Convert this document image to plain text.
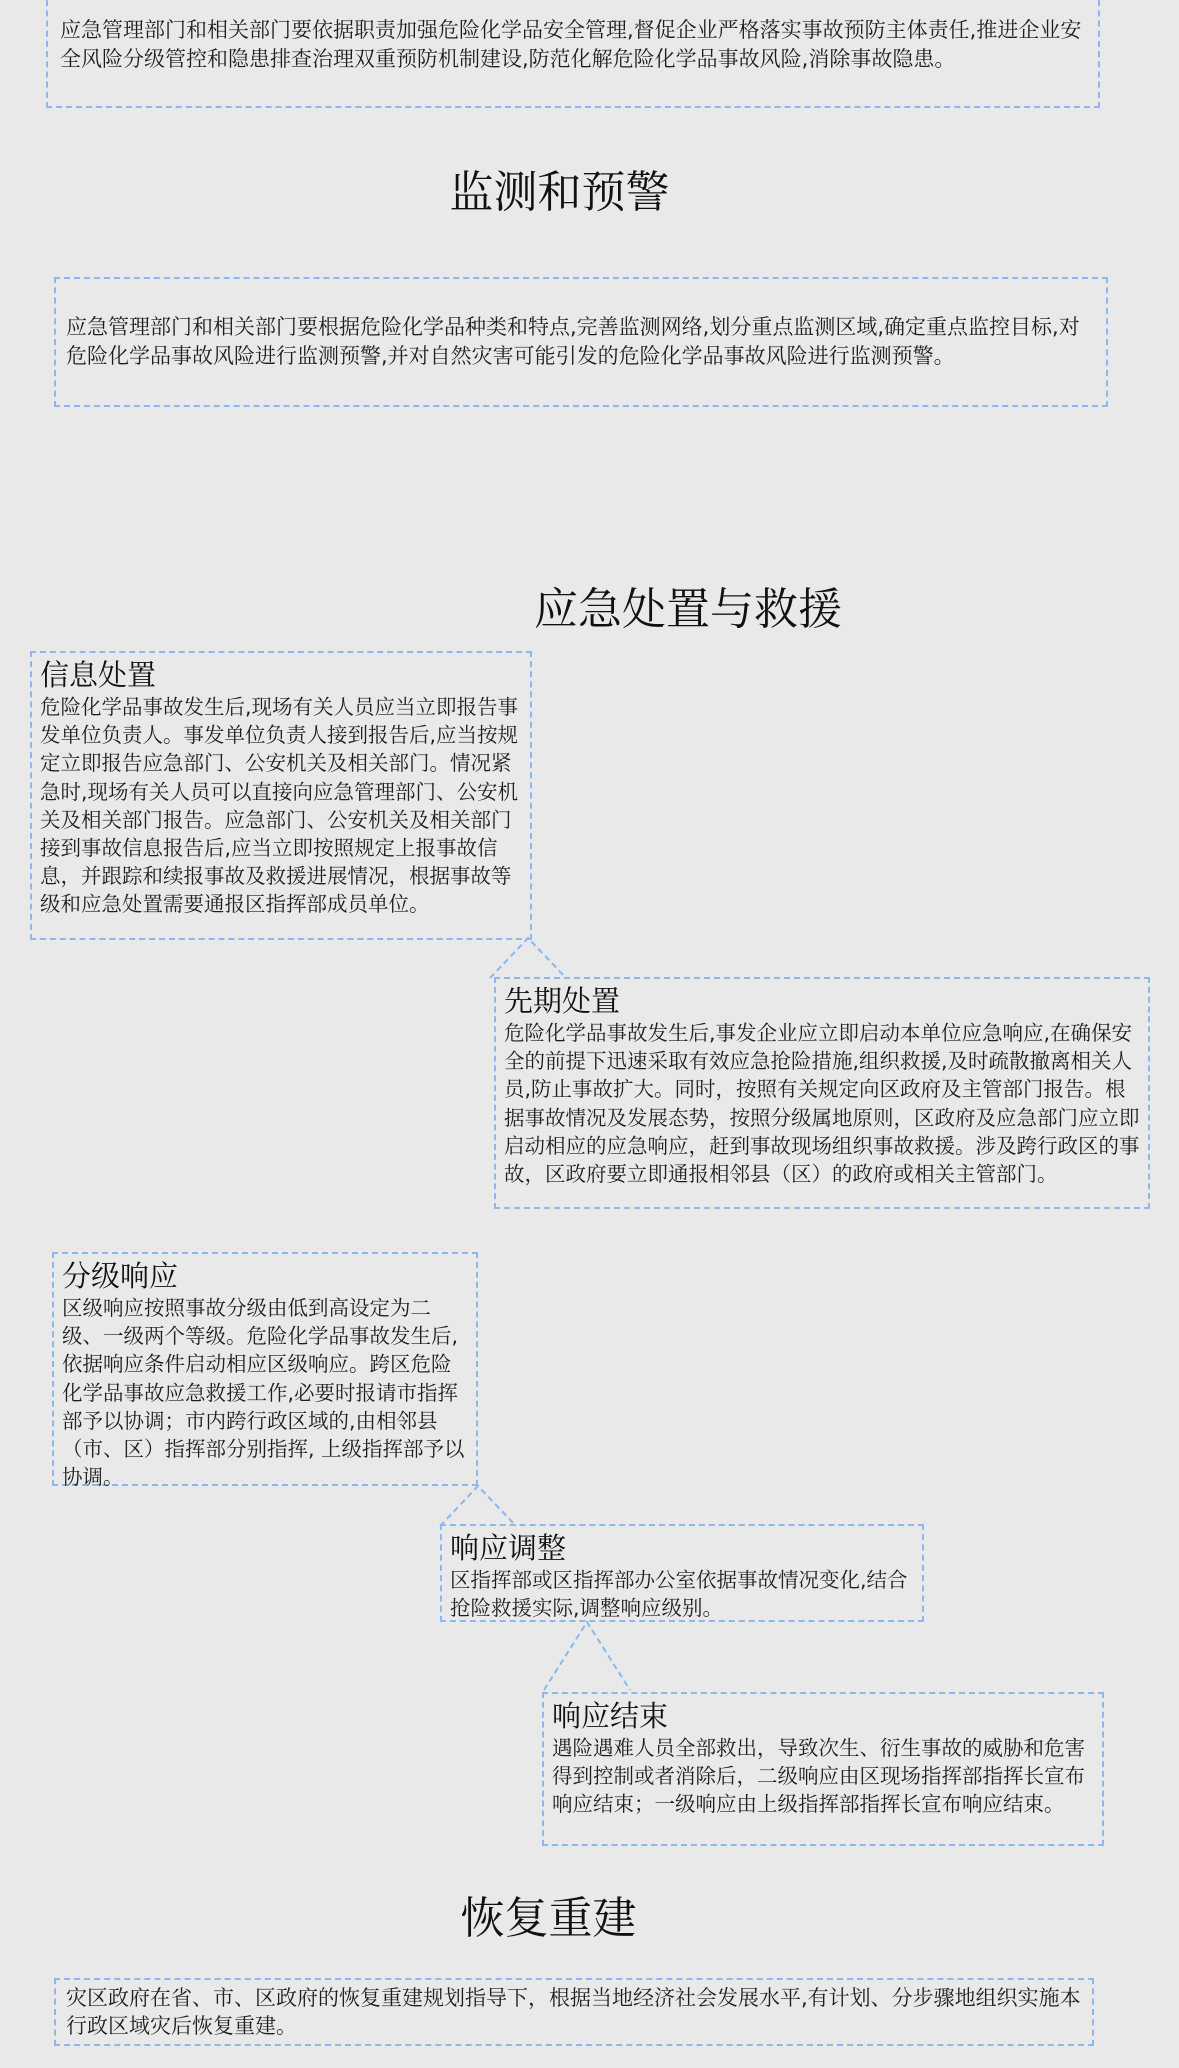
应急管理部门和相关部门要依据职责加强危险化学品安全管理,督促企业严格落实事故预防主体责任,推进企业安全风险分级管控和隐患排查治理双重预防机制建设,防范化解危险化学品事故风险,消除事故隐患。

监测和预警

应急管理部门和相关部门要根据危险化学品种类和特点,完善监测网络,划分重点监测区域,确定重点监控目标,对危险化学品事故风险进行监测预警,并对自然灾害可能引发的危险化学品事故风险进行监测预警。

应急处置与救援
信息处置

危险化学品事故发生后,现场有关人员应当立即报告事发单位负责人。事发单位负责人接到报告后,应当按规定立即报告应急部门、公安机关及相关部门。情况紧急时,现场有关人员可以直接向应急管理部门、公安机关及相关部门报告。应急部门、公安机关及相关部门接到事故信息报告后,应当立即按照规定上报事故信息，并跟踪和续报事故及救援进展情况，根据事故等级和应急处置需要通报区指挥部成员单位。

先期处置

危险化学品事故发生后,事发企业应立即启动本单位应急响应,在确保安全的前提下迅速采取有效应急抢险措施,组织救援,及时疏散撤离相关人员,防止事故扩大。同时，按照有关规定向区政府及主管部门报告。根据事故情况及发展态势，按照分级属地原则，区政府及应急部门应立即启动相应的应急响应，赶到事故现场组织事故救援。涉及跨行政区的事故，区政府要立即通报相邻县（区）的政府或相关主管部门。

分级响应

区级响应按照事故分级由低到高设定为二级、一级两个等级。危险化学品事故发生后,依据响应条件启动相应区级响应。跨区危险化学品事故应急救援工作,必要时报请市指挥部予以协调；市内跨行政区域的,由相邻县（市、区）指挥部分别指挥, 上级指挥部予以协调。

响应调整

区指挥部或区指挥部办公室依据事故情况变化,结合抢险救援实际,调整响应级别。

响应结束

遇险遇难人员全部救出，导致次生、衍生事故的威胁和危害得到控制或者消除后，二级响应由区现场指挥部指挥长宣布响应结束；一级响应由上级指挥部指挥长宣布响应结束。

恢复重建

灾区政府在省、市、区政府的恢复重建规划指导下，根据当地经济社会发展水平,有计划、分步骤地组织实施本行政区域灾后恢复重建。
